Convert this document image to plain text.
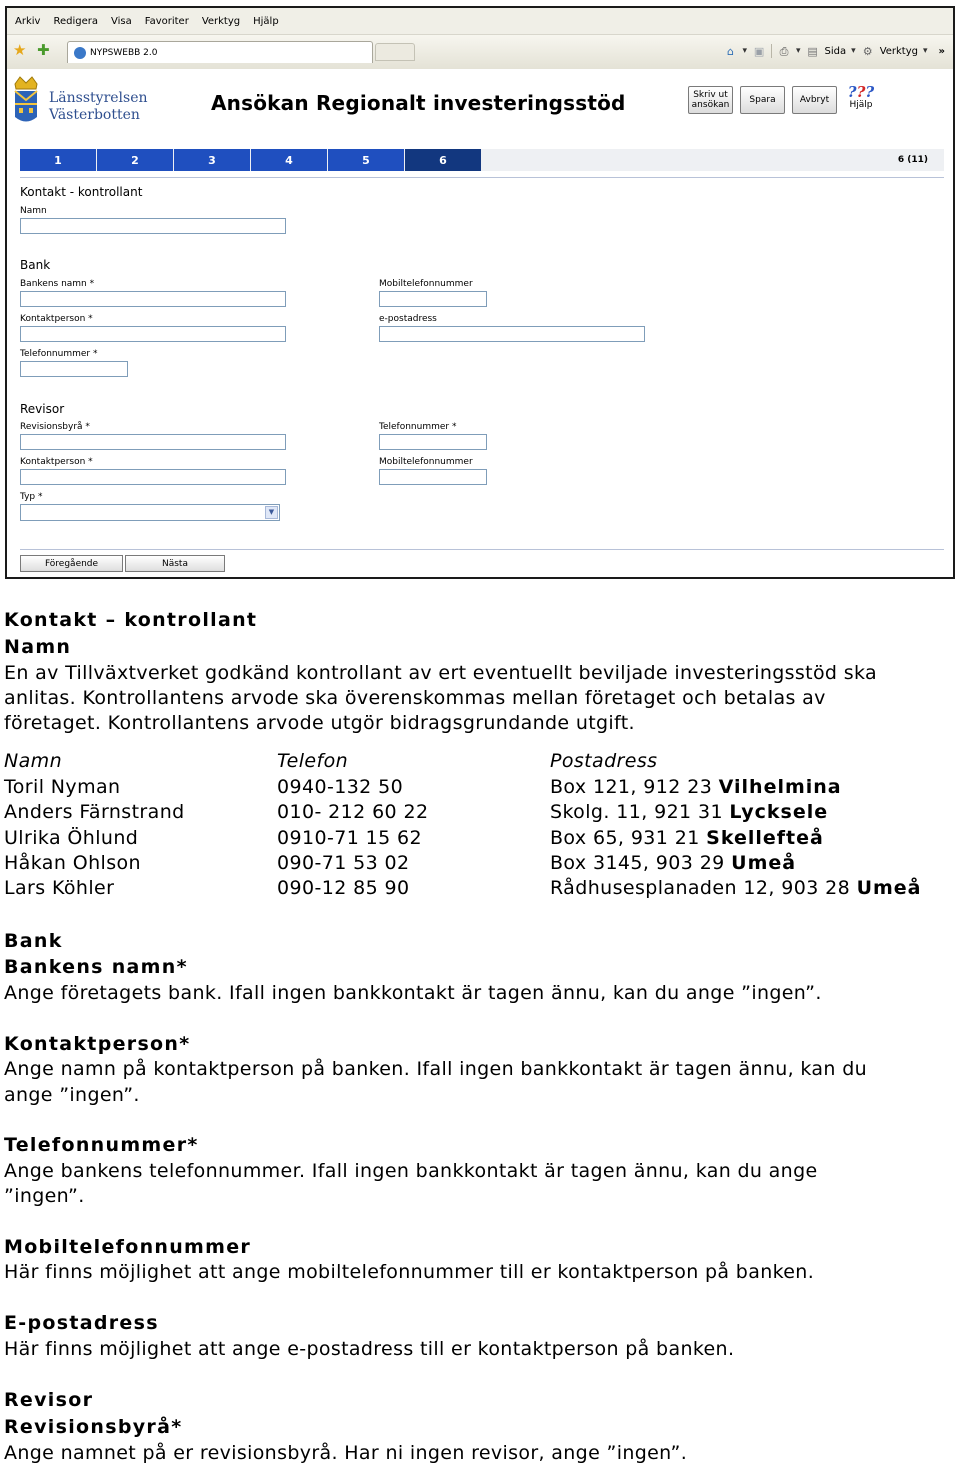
Arkiv Redigera Visa Favoriter Verktyg Hjälp
★ ✚	NYPSWEBB 2.0	⌂ ▾ ▣ ⎙ ▾ ▤ Sida ▾ ⚙ Verktyg ▾ »
Länsstyrelsen
Västerbotten	Ansökan Regionalt investeringsstöd	Skriv ut
ansökan	Spara	Avbryt	???
Hjälp
1	2	3	4	5	6	6 (11)
Kontakt - kontrollant
Namn
Bank
Bankens namn *
Kontaktperson *
Telefonnummer *
Mobiltelefonnummer
e-postadress
Revisor
Revisionsbyrå *
Kontaktperson *
Typ *
▼
Telefonnummer *
Mobiltelefonnummer
Föregående	Nästa
Kontakt – kontrollant
Namn
En av Tillväxtverket godkänd kontrollant av ert eventuellt beviljade investeringsstöd ska
anlitas. Kontrollantens arvode ska överenskommas mellan företaget och betalas av
företaget. Kontrollantens arvode utgör bidragsgrundande utgift.
Namn	Telefon	Postadress
Toril Nyman	0940-132 50	Box 121, 912 23 Vilhelmina
Anders Färnstrand	010- 212 60 22	Skolg. 11, 921 31 Lycksele
Ulrika Öhlund	0910-71 15 62	Box 65, 931 21 Skellefteå
Håkan Ohlson	090-71 53 02	Box 3145, 903 29 Umeå
Lars Köhler	090-12 85 90	Rådhusesplanaden 12, 903 28 Umeå
Bank
Bankens namn*
Ange företagets bank. Ifall ingen bankkontakt är tagen ännu, kan du ange ”ingen”.
Kontaktperson*
Ange namn på kontaktperson på banken. Ifall ingen bankkontakt är tagen ännu, kan du
ange ”ingen”.
Telefonnummer*
Ange bankens telefonnummer. Ifall ingen bankkontakt är tagen ännu, kan du ange
”ingen”.
Mobiltelefonnummer
Här finns möjlighet att ange mobiltelefonnummer till er kontaktperson på banken.
E-postadress
Här finns möjlighet att ange e-postadress till er kontaktperson på banken.
Revisor
Revisionsbyrå*
Ange namnet på er revisionsbyrå. Har ni ingen revisor, ange ”ingen”.
